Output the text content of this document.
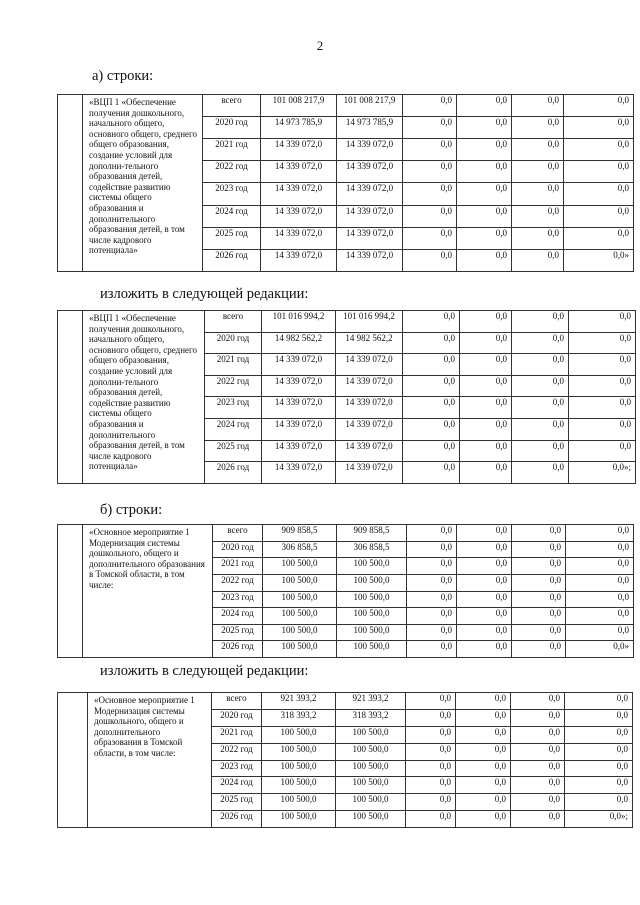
2
а) строки:
изложить в следующей редакции:
б) строки:
изложить в следующей редакции:
	«ВЦП 1 «Обеспечение получения дошкольного, начального общего, основного общего, среднего общего образования, создание условий для дополни-тельного образования детей, содействие развитию системы общего образования и дополнительного образования детей, в том числе кадрового потенциала»	всего	101 008 217,9	101 008 217,9	0,0	0,0	0,0	0,0
		2020 год	14 973 785,9	14 973 785,9	0,0	0,0	0,0	0,0
		2021 год	14 339 072,0	14 339 072,0	0,0	0,0	0,0	0,0
		2022 год	14 339 072,0	14 339 072,0	0,0	0,0	0,0	0,0
		2023 год	14 339 072,0	14 339 072,0	0,0	0,0	0,0	0,0
		2024 год	14 339 072,0	14 339 072,0	0,0	0,0	0,0	0,0
		2025 год	14 339 072,0	14 339 072,0	0,0	0,0	0,0	0,0
		2026 год	14 339 072,0	14 339 072,0	0,0	0,0	0,0	0,0»
	«ВЦП 1 «Обеспечение получения дошкольного, начального общего, основного общего, среднего общего образования, создание условий для дополни-тельного образования детей, содействие развитию системы общего образования и дополнительного образования детей, в том числе кадрового потенциала»	всего	101 016 994,2	101 016 994,2	0,0	0,0	0,0	0,0
		2020 год	14 982 562,2	14 982 562,2	0,0	0,0	0,0	0,0
		2021 год	14 339 072,0	14 339 072,0	0,0	0,0	0,0	0,0
		2022 год	14 339 072,0	14 339 072,0	0,0	0,0	0,0	0,0
		2023 год	14 339 072,0	14 339 072,0	0,0	0,0	0,0	0,0
		2024 год	14 339 072,0	14 339 072,0	0,0	0,0	0,0	0,0
		2025 год	14 339 072,0	14 339 072,0	0,0	0,0	0,0	0,0
		2026 год	14 339 072,0	14 339 072,0	0,0	0,0	0,0	0,0»;
	«Основное мероприятие 1 Модернизация системы дошкольного, общего и дополнительного образования в Томской области, в том числе:	всего	909 858,5	909 858,5	0,0	0,0	0,0	0,0
		2020 год	306 858,5	306 858,5	0,0	0,0	0,0	0,0
		2021 год	100 500,0	100 500,0	0,0	0,0	0,0	0,0
		2022 год	100 500,0	100 500,0	0,0	0,0	0,0	0,0
		2023 год	100 500,0	100 500,0	0,0	0,0	0,0	0,0
		2024 год	100 500,0	100 500,0	0,0	0,0	0,0	0,0
		2025 год	100 500,0	100 500,0	0,0	0,0	0,0	0,0
		2026 год	100 500,0	100 500,0	0,0	0,0	0,0	0,0»
	«Основное мероприятие 1 Модернизация системы дошкольного, общего и дополнительного образования в Томской области, в том числе:	всего	921 393,2	921 393,2	0,0	0,0	0,0	0,0
		2020 год	318 393,2	318 393,2	0,0	0,0	0,0	0,0
		2021 год	100 500,0	100 500,0	0,0	0,0	0,0	0,0
		2022 год	100 500,0	100 500,0	0,0	0,0	0,0	0,0
		2023 год	100 500,0	100 500,0	0,0	0,0	0,0	0,0
		2024 год	100 500,0	100 500,0	0,0	0,0	0,0	0,0
		2025 год	100 500,0	100 500,0	0,0	0,0	0,0	0,0
		2026 год	100 500,0	100 500,0	0,0	0,0	0,0	0,0»;
